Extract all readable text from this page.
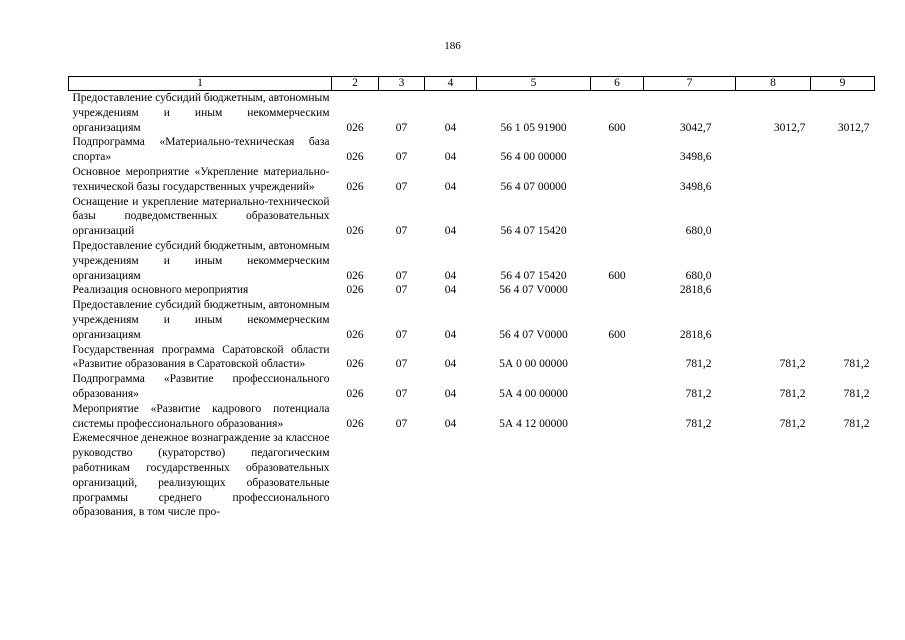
186
1	2	3	4	5	6	7	8	9
Предоставление субсидий бюджетным, автономным учреждениям и иным некоммерческим организациям	026	07	04	56 1 05 91900	600	3042,7	3012,7	3012,7
Подпрограмма «Материально-техническая база спорта»	026	07	04	56 4 00 00000		3498,6		
Основное мероприятие «Укрепление материально-технической базы государственных учреждений»	026	07	04	56 4 07 00000		3498,6		
Оснащение и укрепление материально-технической базы подведомственных образовательных организаций	026	07	04	56 4 07 15420		680,0		
Предоставление субсидий бюджетным, автономным учреждениям и иным некоммерческим организациям	026	07	04	56 4 07 15420	600	680,0		
Реализация основного мероприятия	026	07	04	56 4 07 V0000		2818,6		
Предоставление субсидий бюджетным, автономным учреждениям и иным некоммерческим организациям	026	07	04	56 4 07 V0000	600	2818,6		
Государственная программа Саратовской области «Развитие образования в Саратовской области»	026	07	04	5А 0 00 00000		781,2	781,2	781,2
Подпрограмма «Развитие профессионального образования»	026	07	04	5А 4 00 00000		781,2	781,2	781,2
Мероприятие «Развитие кадрового потенциала системы профессионального образования»	026	07	04	5А 4 12 00000		781,2	781,2	781,2
Ежемесячное денежное вознаграждение за классное руководство (кураторство) педагогическим работникам государственных образовательных организаций, реализующих образовательные программы среднего профессионального образования, в том числе про-								
